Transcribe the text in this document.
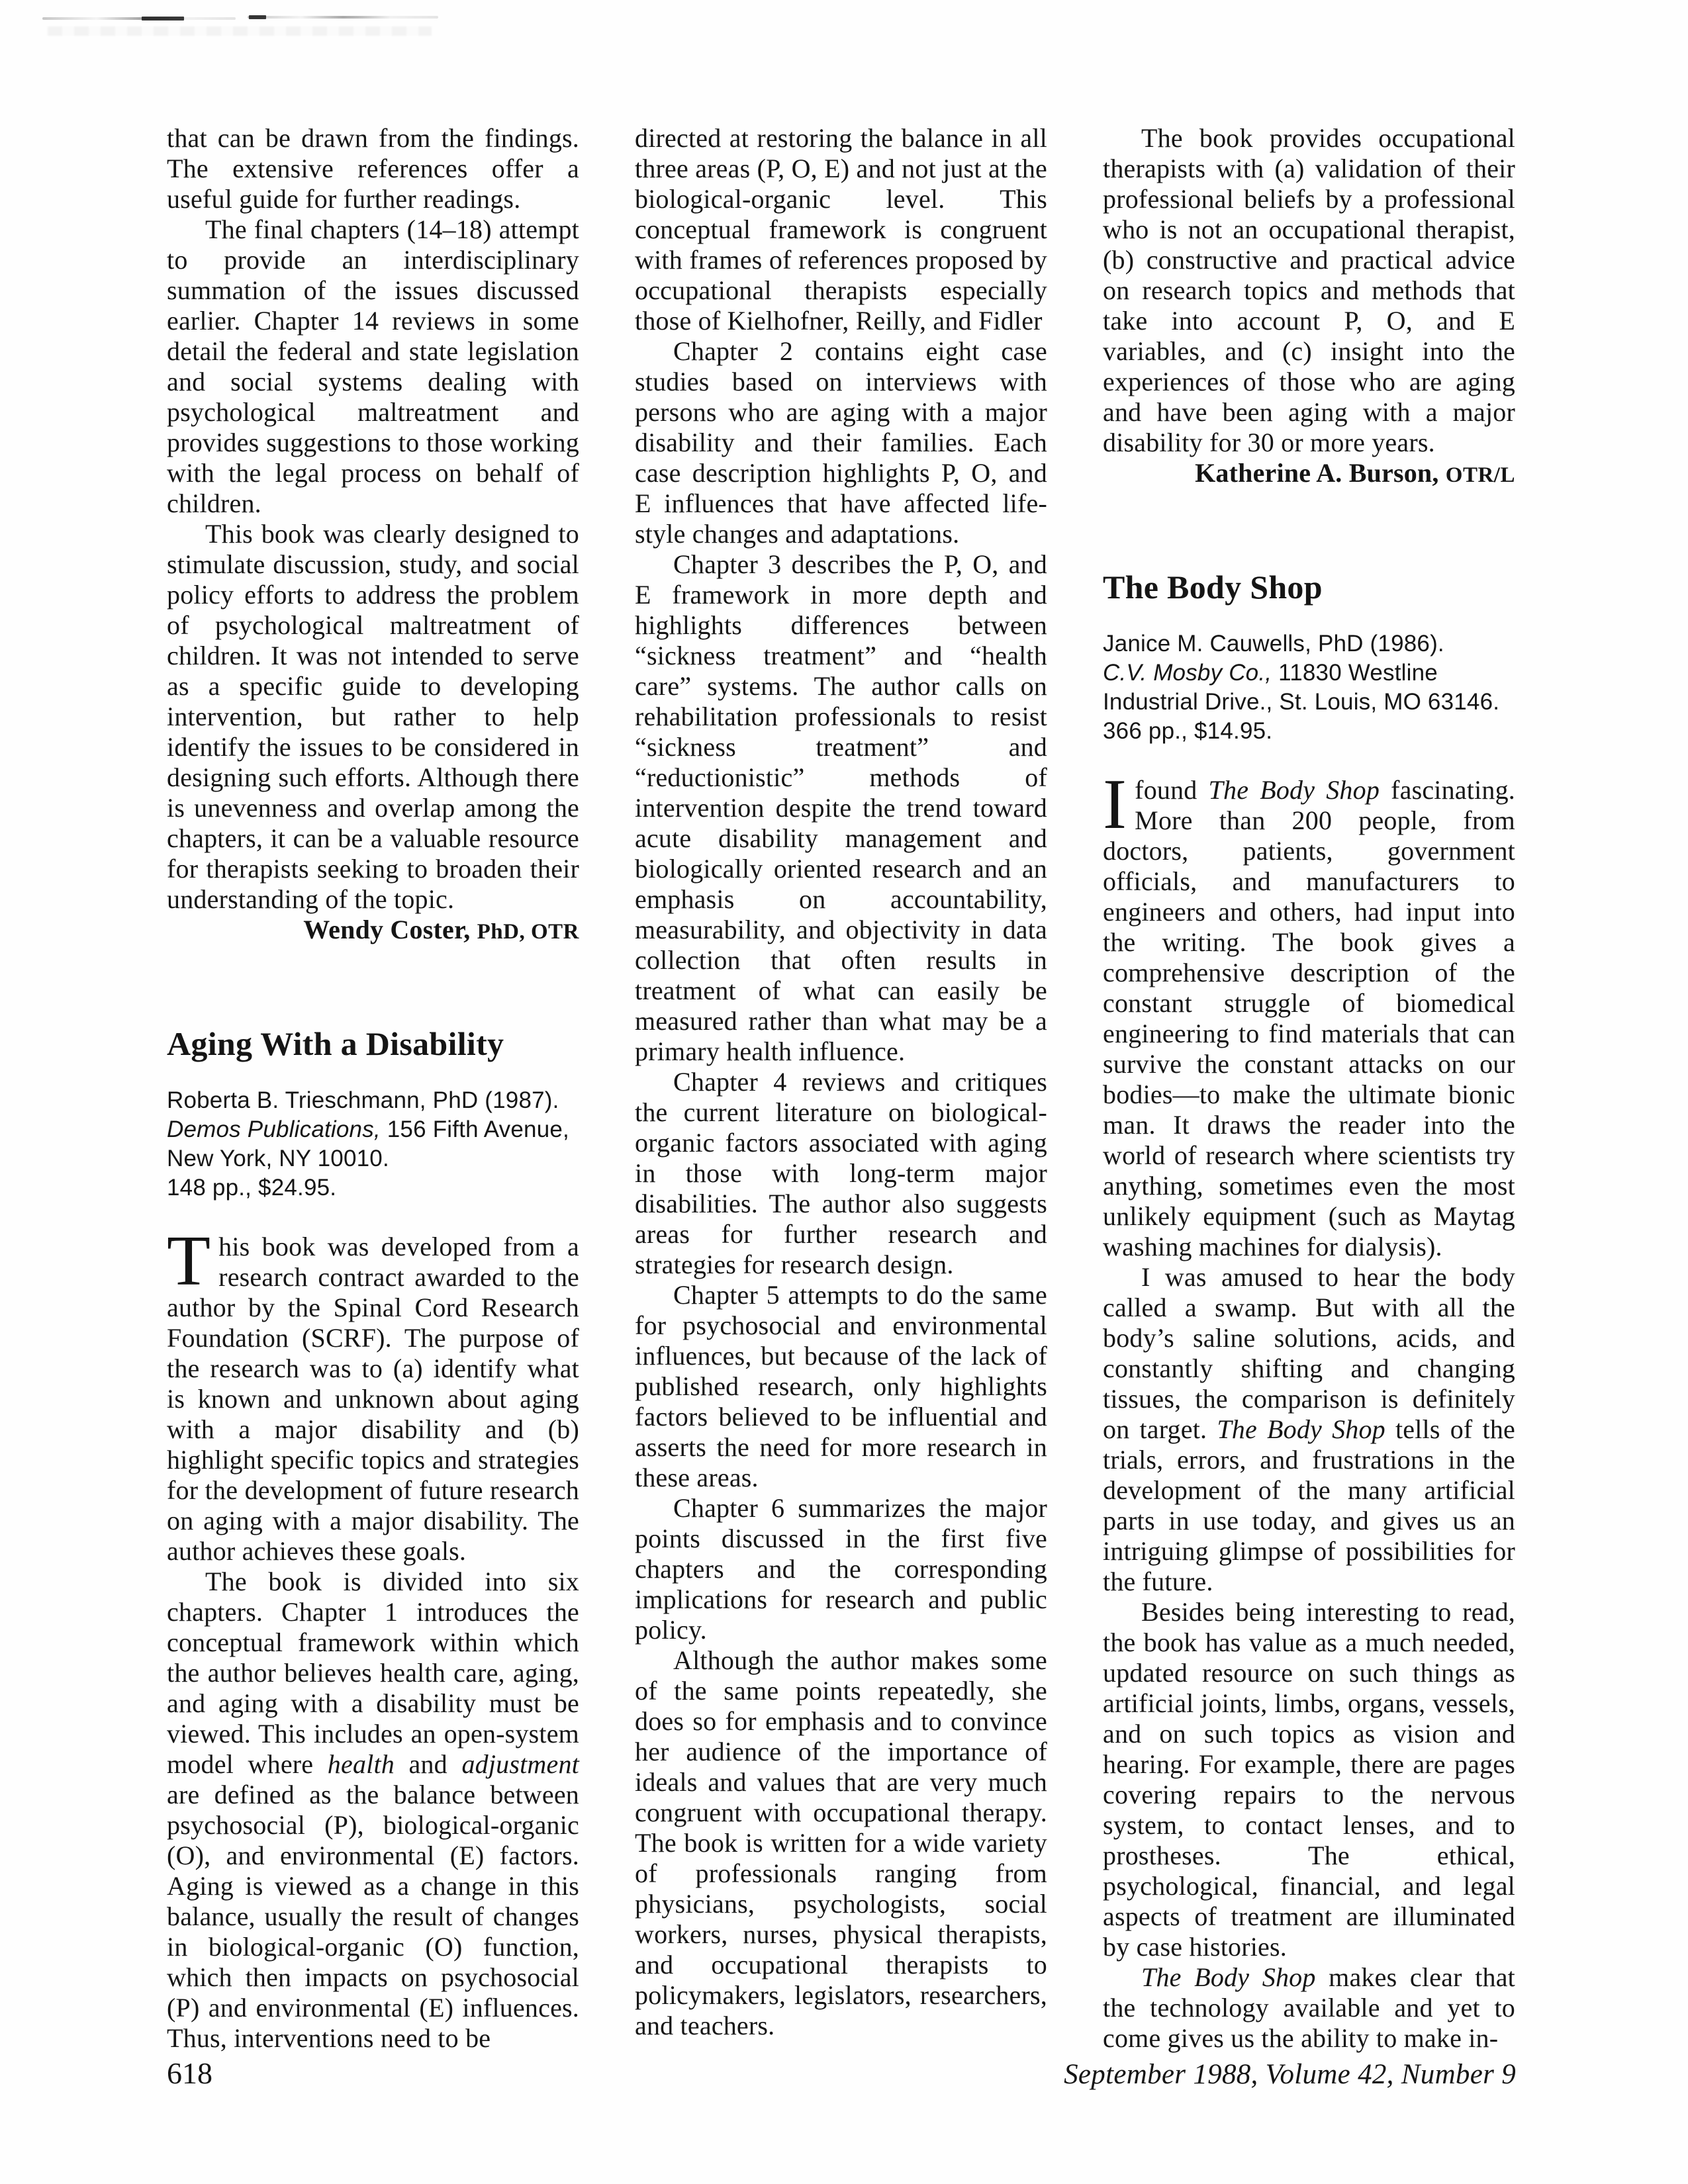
that can be drawn from the findings. The extensive references offer a useful guide for further readings.

The final chapters (14–18) attempt to provide an interdisciplinary summation of the issues discussed earlier. Chapter 14 reviews in some detail the federal and state legislation and social systems dealing with psychological maltreatment and provides suggestions to those working with the legal process on behalf of children.

This book was clearly designed to stimulate discussion, study, and social policy efforts to address the problem of psychological maltreatment of children. It was not intended to serve as a specific guide to developing intervention, but rather to help identify the issues to be considered in designing such efforts. Although there is unevenness and overlap among the chapters, it can be a valuable resource for therapists seeking to broaden their understanding of the topic.

Wendy Coster, PhD, OTR

Aging With a Disability
Roberta B. Trieschmann, PhD (1987).
Demos Publications, 156 Fifth Avenue, New York, NY 10010.
148 pp., $24.95.

This book was developed from a research contract awarded to the author by the Spinal Cord Research Foundation (SCRF). The purpose of the research was to (a) identify what is known and unknown about aging with a major disability and (b) highlight specific topics and strategies for the development of future research on aging with a major disability. The author achieves these goals.

The book is divided into six chapters. Chapter 1 introduces the conceptual framework within which the author believes health care, aging, and aging with a disability must be viewed. This includes an open-system model where health and adjustment are defined as the balance between psychosocial (P), biological-organic (O), and environmental (E) factors. Aging is viewed as a change in this balance, usually the result of changes in biological-organic (O) function, which then impacts on psychosocial (P) and environmental (E) influences. Thus, interventions need to be

directed at restoring the balance in all three areas (P, O, E) and not just at the biological-organic level. This conceptual framework is congruent with frames of references proposed by occupational therapists especially those of Kielhofner, Reilly, and Fidler

Chapter 2 contains eight case studies based on interviews with persons who are aging with a major disability and their families. Each case description highlights P, O, and E influences that have affected life-style changes and adaptations.

Chapter 3 describes the P, O, and E framework in more depth and highlights differences between “sickness treatment” and “health care” systems. The author calls on rehabilitation professionals to resist “sickness treatment” and “reductionistic” methods of intervention despite the trend toward acute disability management and biologically oriented research and an emphasis on accountability, measurability, and objectivity in data collection that often results in treatment of what can easily be measured rather than what may be a primary health influence.

Chapter 4 reviews and critiques the current literature on biological-organic factors associated with aging in those with long-term major disabilities. The author also suggests areas for further research and strategies for research design.

Chapter 5 attempts to do the same for psychosocial and environmental influences, but because of the lack of published research, only highlights factors believed to be influential and asserts the need for more research in these areas.

Chapter 6 summarizes the major points discussed in the first five chapters and the corresponding implications for research and public policy.

Although the author makes some of the same points repeatedly, she does so for emphasis and to convince her audience of the importance of ideals and values that are very much congruent with occupational therapy. The book is written for a wide variety of professionals ranging from physicians, psychologists, social workers, nurses, physical therapists, and occupational therapists to policymakers, legislators, researchers, and teachers.

The book provides occupational therapists with (a) validation of their professional beliefs by a professional who is not an occupational therapist, (b) constructive and practical advice on research topics and methods that take into account P, O, and E variables, and (c) insight into the experiences of those who are aging and have been aging with a major disability for 30 or more years.

Katherine A. Burson, OTR/L

The Body Shop
Janice M. Cauwells, PhD (1986).
C.V. Mosby Co., 11830 Westline Industrial Drive., St. Louis, MO 63146.
366 pp., $14.95.

Ifound The Body Shop fascinating. More than 200 people, from doctors, patients, government officials, and manufacturers to engineers and others, had input into the writing. The book gives a comprehensive description of the constant struggle of biomedical engineering to find materials that can survive the constant attacks on our bodies—to make the ultimate bionic man. It draws the reader into the world of research where scientists try anything, sometimes even the most unlikely equipment (such as Maytag washing machines for dialysis).

I was amused to hear the body called a swamp. But with all the body’s saline solutions, acids, and constantly shifting and changing tissues, the comparison is definitely on target. The Body Shop tells of the trials, errors, and frustrations in the development of the many artificial parts in use today, and gives us an intriguing glimpse of possibilities for the future.

Besides being interesting to read, the book has value as a much needed, updated resource on such things as artificial joints, limbs, organs, vessels, and on such topics as vision and hearing. For example, there are pages covering repairs to the nervous system, to contact lenses, and to prostheses. The ethical, psychological, financial, and legal aspects of treatment are illuminated by case histories.

The Body Shop makes clear that the technology available and yet to come gives us the ability to make in-

618	September 1988, Volume 42, Number 9
